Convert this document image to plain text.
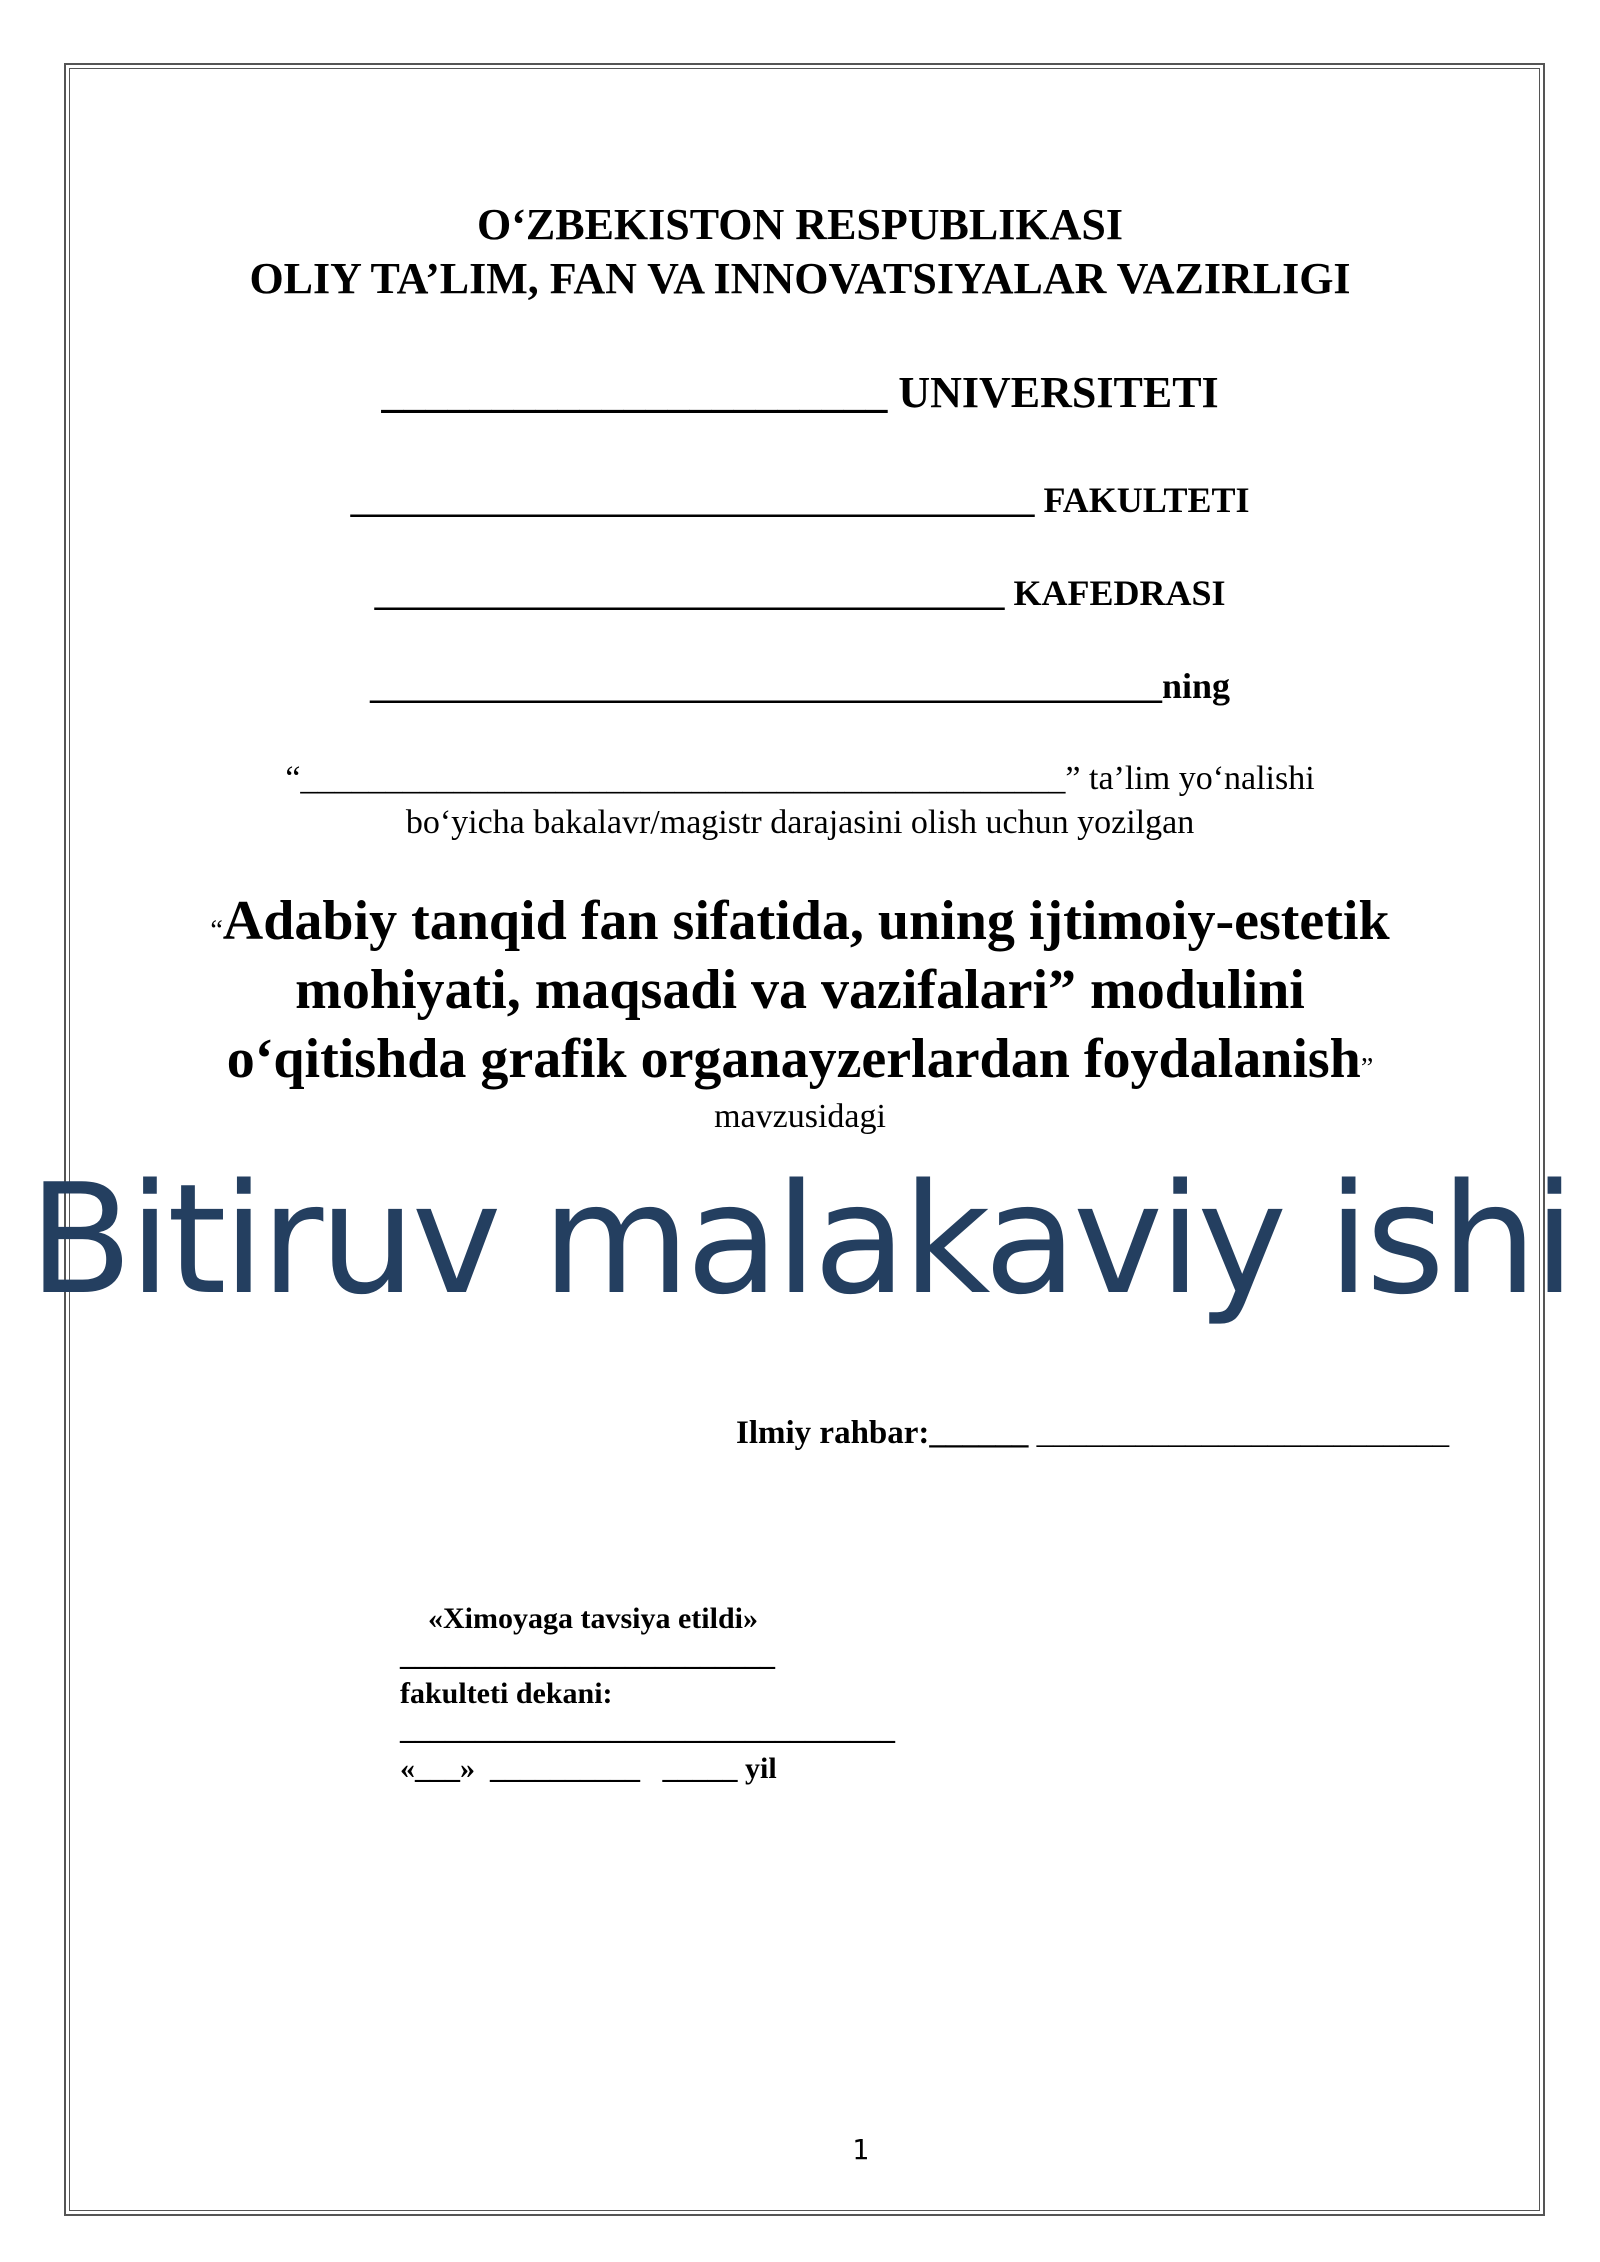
O‘ZBEKISTON RESPUBLIKASI
OLIY TA’LIM, FAN VA INNOVATSIYALAR VAZIRLIGI
_______________________ UNIVERSITETI
______________________________________ FAKULTETI
___________________________________ KAFEDRASI
____________________________________________ning
“_____________________________________________” ta’lim yo‘nalishi
bo‘yicha bakalavr/magistr darajasini olish uchun yozilgan
“Adabiy tanqid fan sifatida, uning ijtimoiy-estetik
mohiyati, maqsadi va vazifalari” modulini
o‘qitishda grafik organayzerlardan foydalanish”
mavzusidagi
Bitiruv malakaviy ishi
Ilmiy rahbar:______ _________________________
«Ximoyaga tavsiya etildi»
_________________________
fakulteti dekani:
_________________________________
«___» __________ _____ yil
1
